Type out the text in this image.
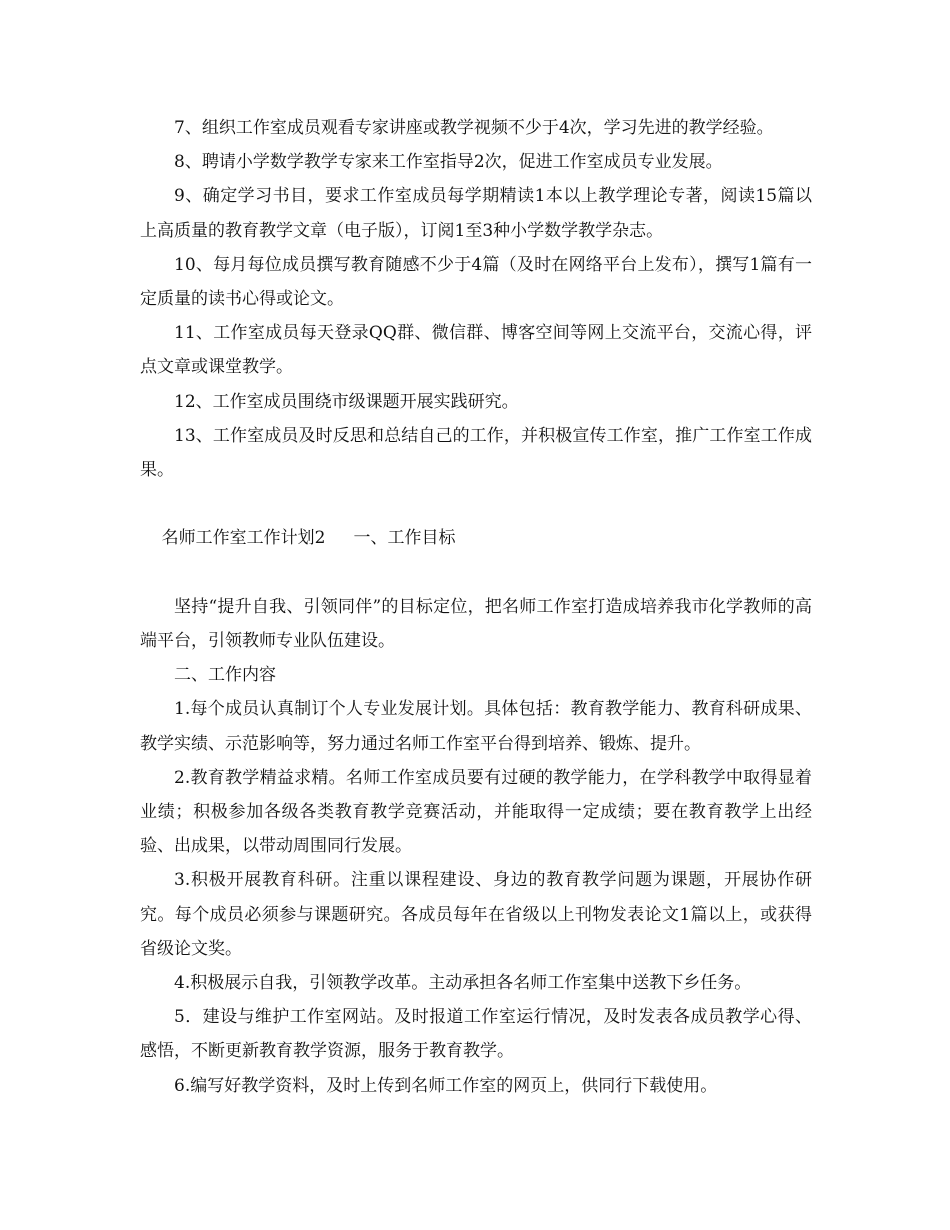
7、组织工作室成员观看专家讲座或教学视频不少于4次，学习先进的教学经验。

8、聘请小学数学教学专家来工作室指导2次，促进工作室成员专业发展。

9、确定学习书目，要求工作室成员每学期精读1本以上教学理论专著，阅读15篇以上高质量的教育教学文章（电子版），订阅1至3种小学数学教学杂志。

10、每月每位成员撰写教育随感不少于4篇（及时在网络平台上发布），撰写1篇有一定质量的读书心得或论文。

11、工作室成员每天登录QQ群、微信群、博客空间等网上交流平台，交流心得，评点文章或课堂教学。

12、工作室成员围绕市级课题开展实践研究。

13、工作室成员及时反思和总结自己的工作，并积极宣传工作室，推广工作室工作成果。

名师工作室工作计划2 一、工作目标

坚持“提升自我、引领同伴”的目标定位，把名师工作室打造成培养我市化学教师的高端平台，引领教师专业队伍建设。

二、工作内容

1.每个成员认真制订个人专业发展计划。具体包括：教育教学能力、教育科研成果、教学实绩、示范影响等，努力通过名师工作室平台得到培养、锻炼、提升。

2.教育教学精益求精。名师工作室成员要有过硬的教学能力，在学科教学中取得显着业绩；积极参加各级各类教育教学竞赛活动，并能取得一定成绩；要在教育教学上出经验、出成果，以带动周围同行发展。

3.积极开展教育科研。注重以课程建设、身边的教育教学问题为课题，开展协作研究。每个成员必须参与课题研究。各成员每年在省级以上刊物发表论文1篇以上，或获得省级论文奖。

4.积极展示自我，引领教学改革。主动承担各名师工作室集中送教下乡任务。

5．建设与维护工作室网站。及时报道工作室运行情况，及时发表各成员教学心得、感悟，不断更新教育教学资源，服务于教育教学。

6.编写好教学资料，及时上传到名师工作室的网页上，供同行下载使用。
